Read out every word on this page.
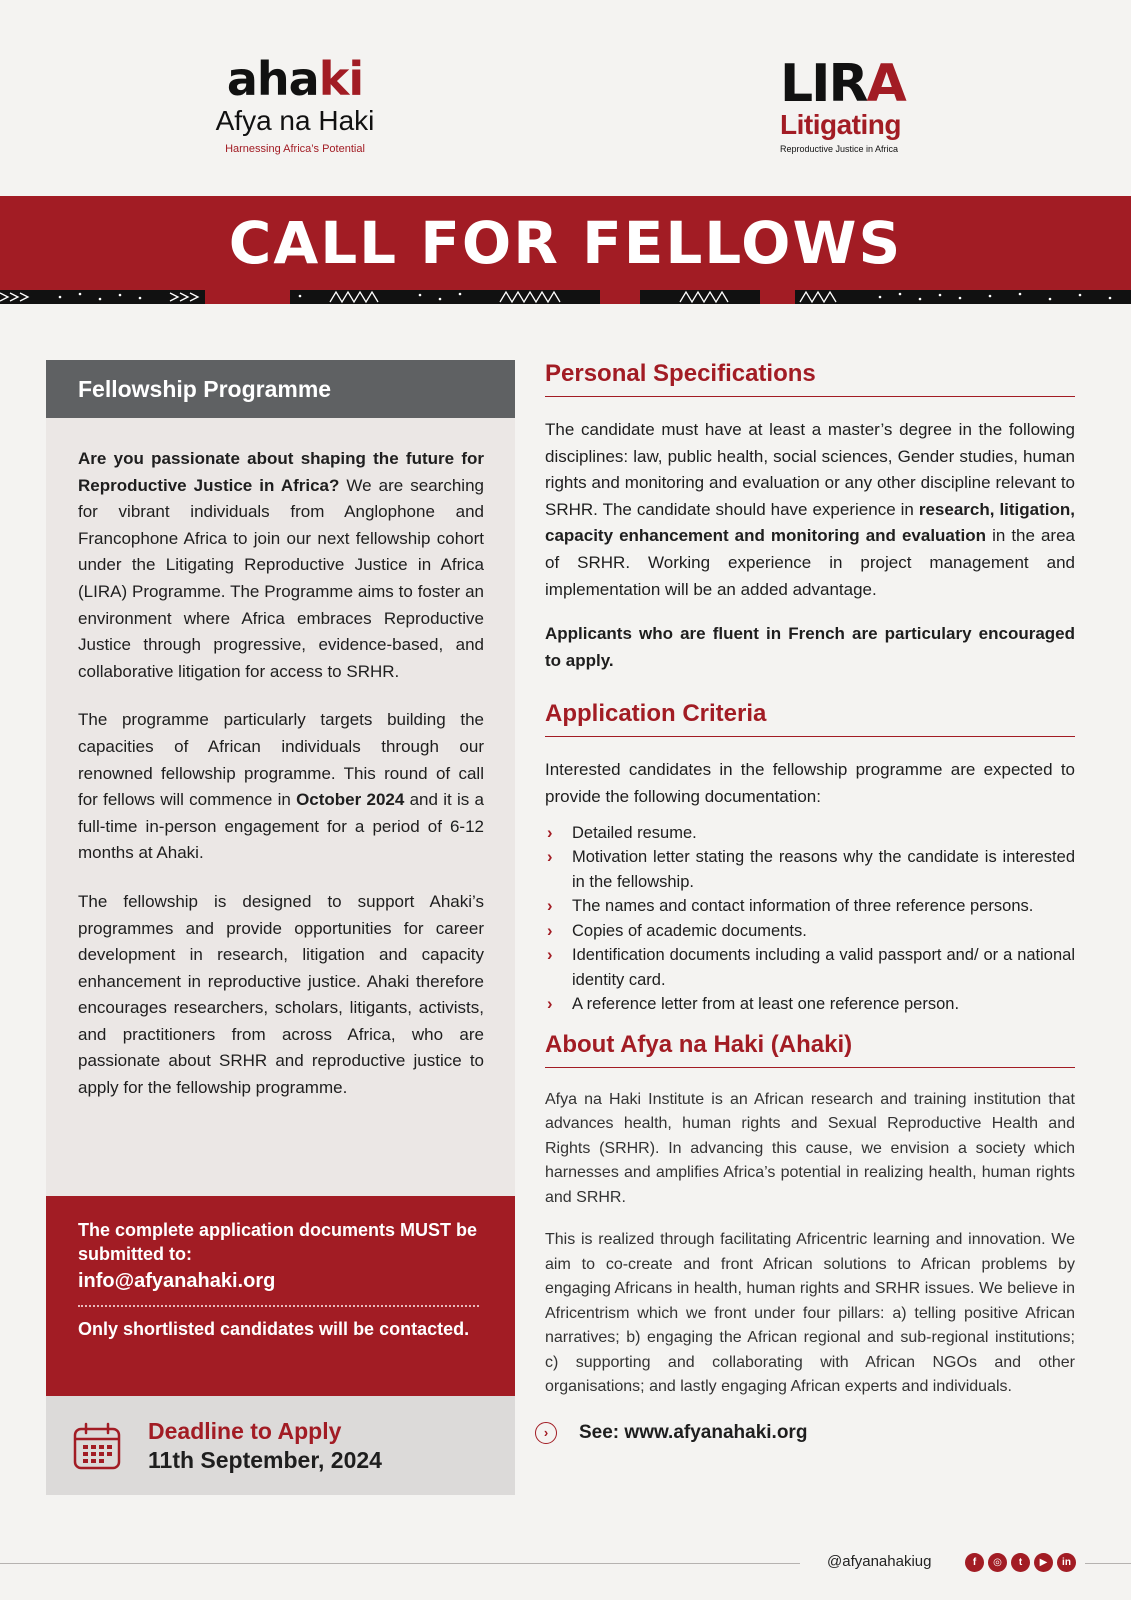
ahaki
Afya na Haki
Harnessing Africa’s Potential
LIRA
Litigating
Reproductive Justice in Africa
CALL FOR FELLOWS
Fellowship Programme

Are you passionate about shaping the future for Reproductive Justice in Africa? We are searching for vibrant individuals from Anglophone and Francophone Africa to join our next fellowship cohort under the Litigating Reproductive Justice in Africa (LIRA) Programme. The Programme aims to foster an environment where Africa embraces Reproductive Justice through progressive, evidence-based, and collaborative litigation for access to SRHR.

The programme particularly targets building the capacities of African individuals through our renowned fellowship programme. This round of call for fellows will commence in October 2024 and it is a full-time in-person engagement for a period of 6-12 months at Ahaki.

The fellowship is designed to support Ahaki’s programmes and provide opportunities for career development in research, litigation and capacity enhancement in reproductive justice. Ahaki therefore encourages researchers, scholars, litigants, activists, and practitioners from across Africa, who are passionate about SRHR and reproductive justice to apply for the fellowship programme.

The complete application documents MUST be submitted to:
info@afyanahaki.org
Only shortlisted candidates will be contacted.
Deadline to Apply
11th September, 2024
Personal Specifications

The candidate must have at least a master’s degree in the following disciplines: law, public health, social sciences, Gender studies, human rights and monitoring and evaluation or any other discipline relevant to SRHR. The candidate should have experience in research, litigation, capacity enhancement and monitoring and evaluation in the area of SRHR. Working experience in project management and implementation will be an added advantage.

Applicants who are fluent in French are particulary encouraged to apply.

Application Criteria

Interested candidates in the fellowship programme are expected to provide the following documentation:

› Detailed resume.
› Motivation letter stating the reasons why the candidate is interested in the fellowship.
› The names and contact information of three reference persons.
› Copies of academic documents.
› Identification documents including a valid passport and/ or a national identity card.
› A reference letter from at least one reference person.
About Afya na Haki (Ahaki)

Afya na Haki Institute is an African research and training institution that advances health, human rights and Sexual Reproductive Health and Rights (SRHR). In advancing this cause, we envision a society which harnesses and amplifies Africa’s potential in realizing health, human rights and SRHR.

This is realized through facilitating Africentric learning and innovation. We aim to co-create and front African solutions to African problems by engaging Africans in health, human rights and SRHR issues. We believe in Africentrism which we front under four pillars: a) telling positive African narratives; b) engaging the African regional and sub-regional institutions; c) supporting and collaborating with African NGOs and other organisations; and lastly engaging African experts and individuals.

›	See: www.afyanahaki.org
@afyanahakiug	f	◎	t	▶	in
